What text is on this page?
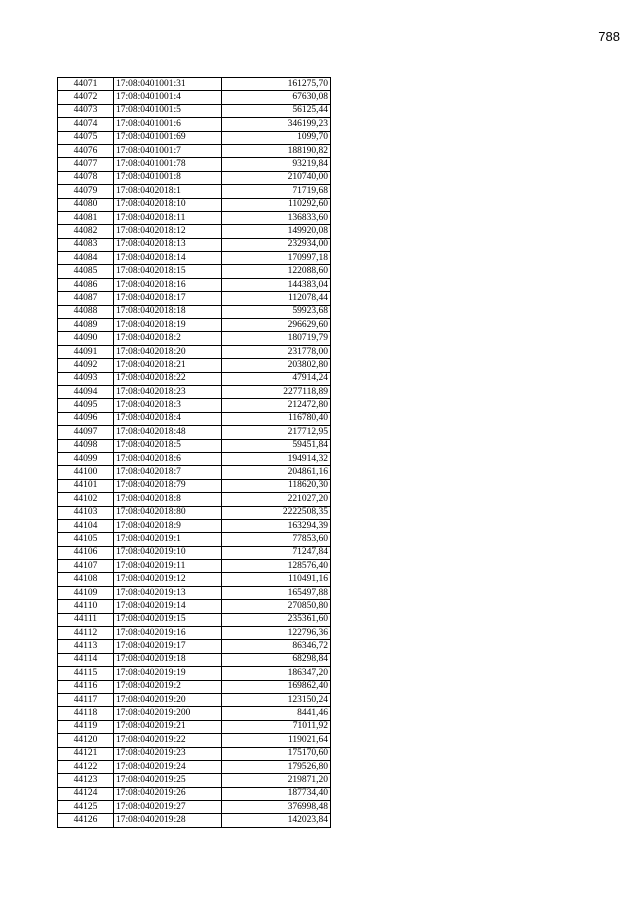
788
44071	17:08:0401001:31	161275,70
44072	17:08:0401001:4	67630,08
44073	17:08:0401001:5	56125,44
44074	17:08:0401001:6	346199,23
44075	17:08:0401001:69	1099,70
44076	17:08:0401001:7	188190,82
44077	17:08:0401001:78	93219,84
44078	17:08:0401001:8	210740,00
44079	17:08:0402018:1	71719,68
44080	17:08:0402018:10	110292,60
44081	17:08:0402018:11	136833,60
44082	17:08:0402018:12	149920,08
44083	17:08:0402018:13	232934,00
44084	17:08:0402018:14	170997,18
44085	17:08:0402018:15	122088,60
44086	17:08:0402018:16	144383,04
44087	17:08:0402018:17	112078,44
44088	17:08:0402018:18	59923,68
44089	17:08:0402018:19	296629,60
44090	17:08:0402018:2	180719,79
44091	17:08:0402018:20	231778,00
44092	17:08:0402018:21	203802,80
44093	17:08:0402018:22	47914,24
44094	17:08:0402018:23	2277118,89
44095	17:08:0402018:3	212472,80
44096	17:08:0402018:4	116780,40
44097	17:08:0402018:48	217712,95
44098	17:08:0402018:5	59451,84
44099	17:08:0402018:6	194914,32
44100	17:08:0402018:7	204861,16
44101	17:08:0402018:79	118620,30
44102	17:08:0402018:8	221027,20
44103	17:08:0402018:80	2222508,35
44104	17:08:0402018:9	163294,39
44105	17:08:0402019:1	77853,60
44106	17:08:0402019:10	71247,84
44107	17:08:0402019:11	128576,40
44108	17:08:0402019:12	110491,16
44109	17:08:0402019:13	165497,88
44110	17:08:0402019:14	270850,80
44111	17:08:0402019:15	235361,60
44112	17:08:0402019:16	122796,36
44113	17:08:0402019:17	86346,72
44114	17:08:0402019:18	68298,84
44115	17:08:0402019:19	186347,20
44116	17:08:0402019:2	169862,40
44117	17:08:0402019:20	123150,24
44118	17:08:0402019:200	8441,46
44119	17:08:0402019:21	71011,92
44120	17:08:0402019:22	119021,64
44121	17:08:0402019:23	175170,60
44122	17:08:0402019:24	179526,80
44123	17:08:0402019:25	219871,20
44124	17:08:0402019:26	187734,40
44125	17:08:0402019:27	376998,48
44126	17:08:0402019:28	142023,84
